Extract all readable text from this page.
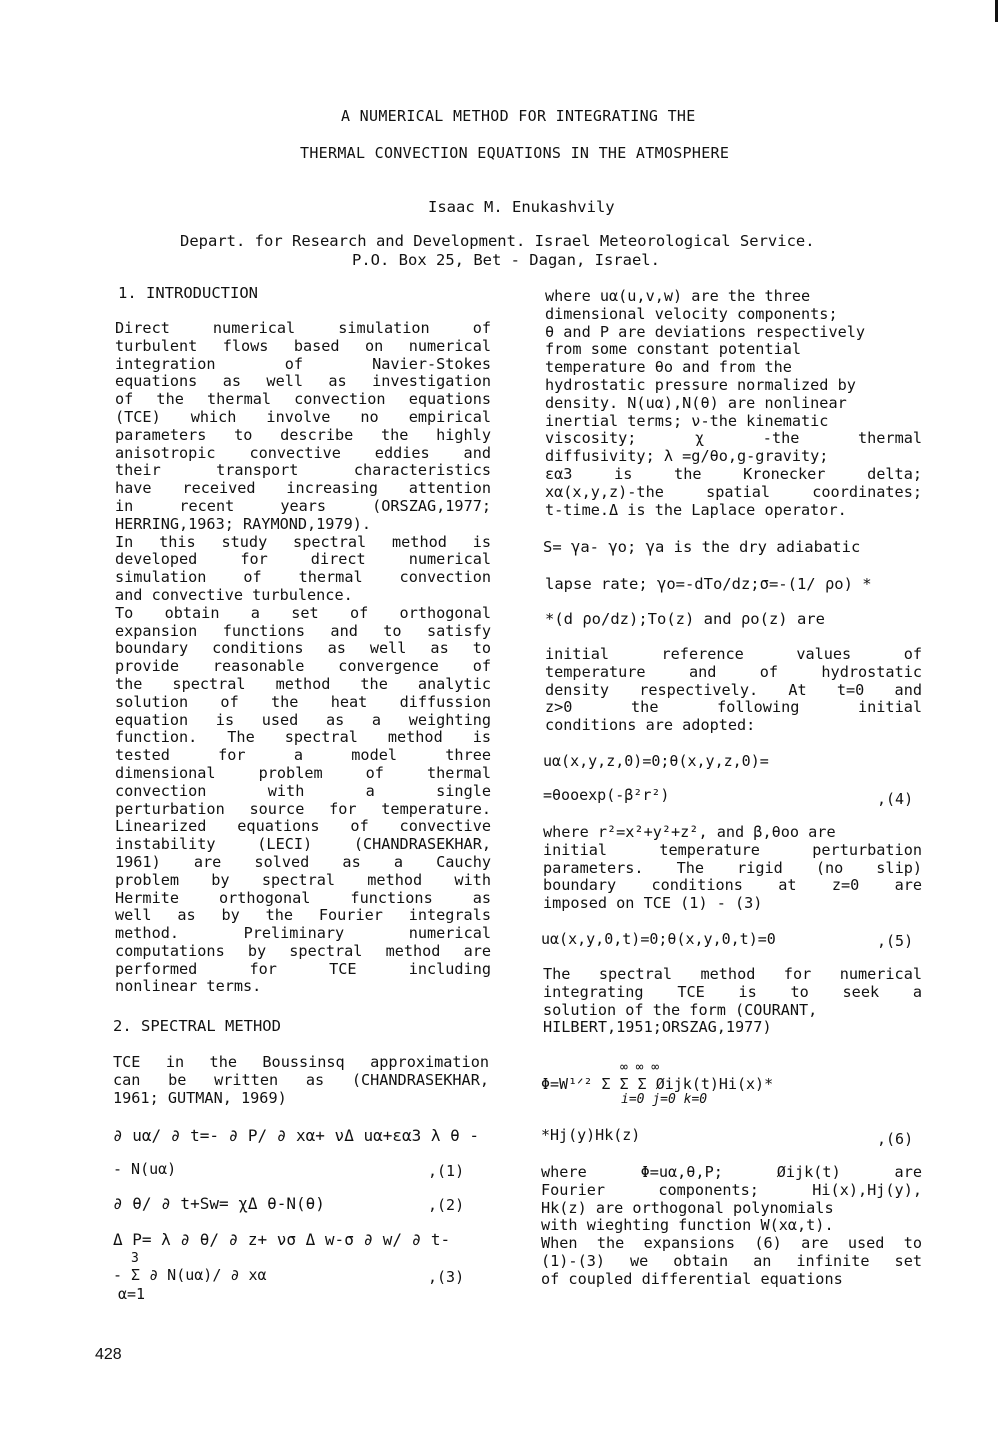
A NUMERICAL METHOD FOR INTEGRATING THE
THERMAL CONVECTION EQUATIONS IN THE ATMOSPHERE
Isaac M. Enukashvily
Depart. for Research and Development. Israel Meteorological Service.
P.O. Box 25, Bet - Dagan, Israel.
1. INTRODUCTION
Direct numerical simulation of
turbulent flows based on numerical
integration of Navier-Stokes
equations as well as investigation
of the thermal convection equations
(TCE) which involve no empirical
parameters to describe the highly
anisotropic convective eddies and
their transport characteristics
have received increasing attention
in recent years (ORSZAG,1977;
HERRING,1963; RAYMOND,1979).
In this study spectral method is
developed for direct numerical
simulation of thermal convection
and convective turbulence.
To obtain a set of orthogonal
expansion functions and to satisfy
boundary conditions as well as to
provide reasonable convergence of
the spectral method the analytic
solution of the heat diffussion
equation is used as a weighting
function. The spectral method is
tested for a model three
dimensional problem of thermal
convection with a single
perturbation source for temperature.
Linearized equations of convective
instability (LECI) (CHANDRASEKHAR,
1961) are solved as a Cauchy
problem by spectral method with
Hermite orthogonal functions as
well as by the Fourier integrals
method. Preliminary numerical
computations by spectral method are
performed for TCE including
nonlinear terms.
2. SPECTRAL METHOD
TCE in the Boussinsq approximation
can be written as (CHANDRASEKHAR,
1961; GUTMAN, 1969)
∂ uα/ ∂ t=- ∂ P/ ∂ xα+ νΔ uα+εα3 λ θ -
- N(uα)	,(1)
∂ θ/ ∂ t+Sw= χΔ θ-N(θ)	,(2)
Δ P= λ ∂ θ/ ∂ z+ νσ Δ w-σ ∂ w/ ∂ t-
3
- Σ ∂ N(uα)/ ∂ xα
α=1
,(3)
where uα(u,v,w) are the three
dimensional velocity components;
θ and P are deviations respectively
from some constant potential
temperature θo and from the
hydrostatic pressure normalized by
density. N(uα),N(θ) are nonlinear
inertial terms; ν-the kinematic
viscosity; χ -the thermal
diffusivity; λ =g/θo,g-gravity;
εα3 is the Kronecker delta;
xα(x,y,z)-the spatial coordinates;
t-time.Δ is the Laplace operator.
S= γa- γo; γa is the dry adiabatic
lapse rate; γo=-dTo/dz;σ=-(1/ ρo) *
*(d ρo/dz);To(z) and ρo(z) are
initial reference values of
temperature and of hydrostatic
density respectively. At t=0 and
z>0 the following initial
conditions are adopted:
uα(x,y,z,0)=0;θ(x,y,z,0)=
=θooexp(-β²r²)	,(4)
where r²=x²+y²+z², and β,θoo are
initial temperature perturbation
parameters. The rigid (no slip)
boundary conditions at z=0 are
imposed on TCE (1) - (3)
uα(x,y,0,t)=0;θ(x,y,0,t)=0	,(5)
The spectral method for numerical
integrating TCE is to seek a
solution of the form (COURANT,
HILBERT,1951;ORSZAG,1977)
∞ ∞ ∞
Φ=W¹ᐟ² Σ Σ Σ Øijk(t)Hi(x)*
i=0 j=0 k=0
*Hj(y)Hk(z)	,(6)
where Φ=uα,θ,P; Øijk(t) are
Fourier components; Hi(x),Hj(y),
Hk(z) are orthogonal polynomials
with wieghting function W(xα,t).
When the expansions (6) are used to
(1)-(3) we obtain an infinite set
of coupled differential equations
428
